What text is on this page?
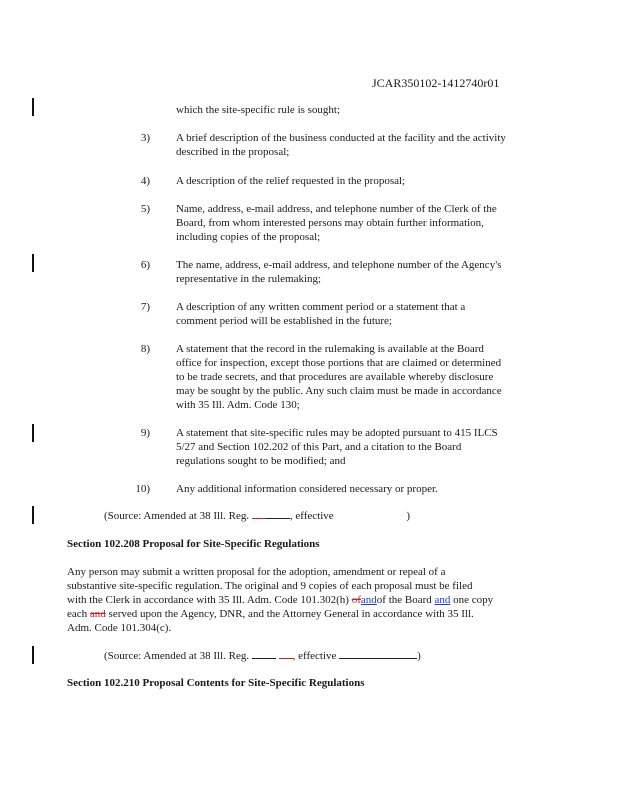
JCAR350102-1412740r01
which the site-specific rule is sought;
3) A brief description of the business conducted at the facility and the activity
described in the proposal;
4) A description of the relief requested in the proposal;
5) Name, address, e-mail address, and telephone number of the Clerk of the
Board, from whom interested persons may obtain further information,
including copies of the proposal;
6) The name, address, e-mail address, and telephone number of the Agency's
representative in the rulemaking;
7) A description of any written comment period or a statement that a
comment period will be established in the future;
8) A statement that the record in the rulemaking is available at the Board
office for inspection, except those portions that are claimed or determined
to be trade secrets, and that procedures are available whereby disclosure
may be sought by the public. Any such claim must be made in accordance
with 35 Ill. Adm. Code 130;
9) A statement that site-specific rules may be adopted pursuant to 415 ILCS
5/27 and Section 102.202 of this Part, and a citation to the Board
regulations sought to be modified; and
10) Any additional information considered necessary or proper.
(Source: Amended at 38 Ill. Reg.	, effective	)
Section 102.208 Proposal for Site-Specific Regulations
Any person may submit a written proposal for the adoption, amendment or repeal of a
substantive site-specific regulation. The original and 9 copies of each proposal must be filed
with the Clerk in accordance with 35 Ill. Adm. Code 101.302(h) ofandof the Board and one copy
each and served upon the Agency, DNR, and the Attorney General in accordance with 35 Ill.
Adm. Code 101.304(c).
(Source: Amended at 38 Ill. Reg.	, effective	)
Section 102.210 Proposal Contents for Site-Specific Regulations
